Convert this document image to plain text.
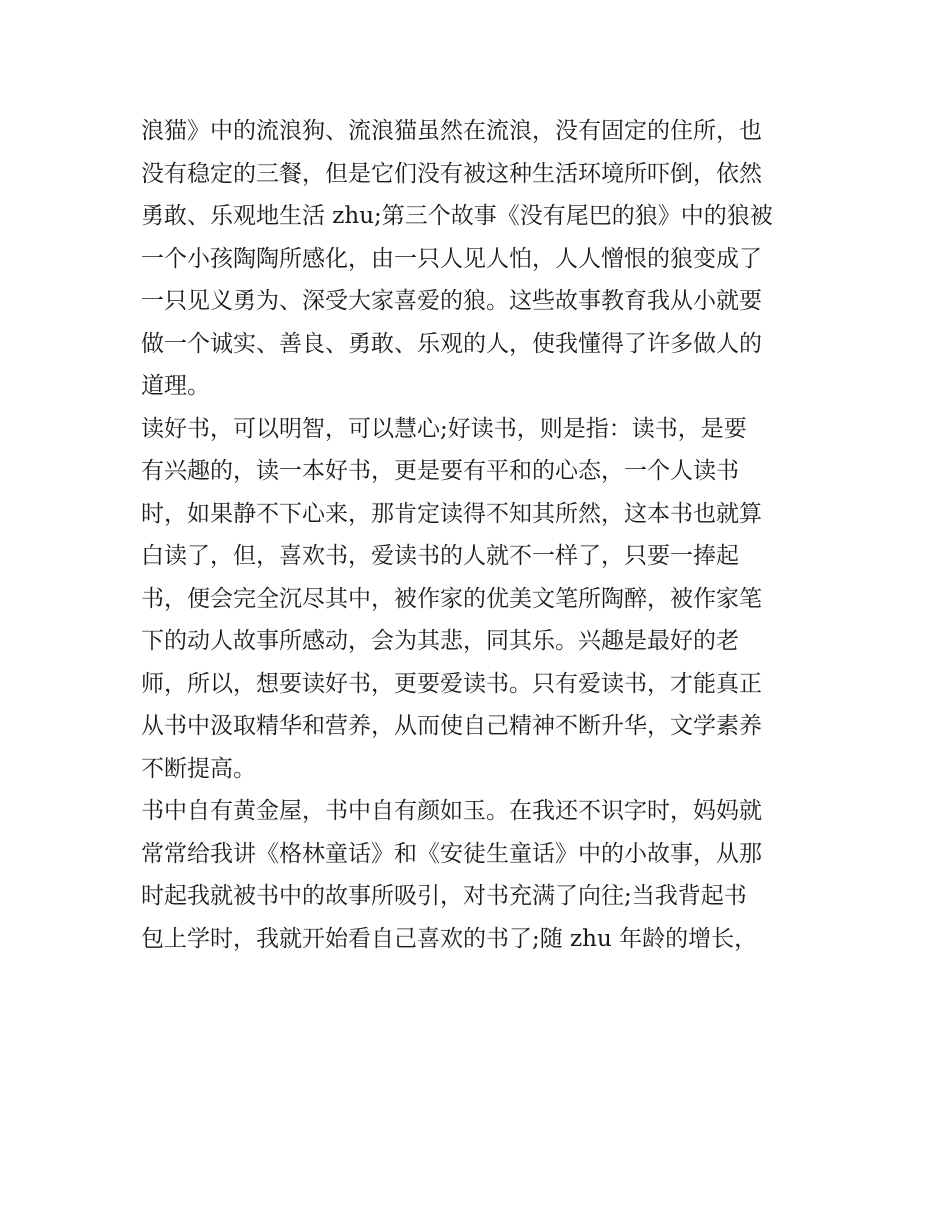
浪猫》中的流浪狗、流浪猫虽然在流浪，没有固定的住所，也
没有稳定的三餐，但是它们没有被这种生活环境所吓倒，依然
勇敢、乐观地生活 zhu;第三个故事《没有尾巴的狼》中的狼被
一个小孩陶陶所感化，由一只人见人怕，人人憎恨的狼变成了
一只见义勇为、深受大家喜爱的狼。这些故事教育我从小就要
做一个诚实、善良、勇敢、乐观的人，使我懂得了许多做人的
道理。
读好书，可以明智，可以慧心;好读书，则是指：读书，是要
有兴趣的，读一本好书，更是要有平和的心态，一个人读书
时，如果静不下心来，那肯定读得不知其所然，这本书也就算
白读了，但，喜欢书，爱读书的人就不一样了，只要一捧起
书，便会完全沉尽其中，被作家的优美文笔所陶醉，被作家笔
下的动人故事所感动，会为其悲，同其乐。兴趣是最好的老
师，所以，想要读好书，更要爱读书。只有爱读书，才能真正
从书中汲取精华和营养，从而使自己精神不断升华，文学素养
不断提高。
书中自有黄金屋，书中自有颜如玉。在我还不识字时，妈妈就
常常给我讲《格林童话》和《安徒生童话》中的小故事，从那
时起我就被书中的故事所吸引，对书充满了向往;当我背起书
包上学时，我就开始看自己喜欢的书了;随 zhu 年龄的增长，
